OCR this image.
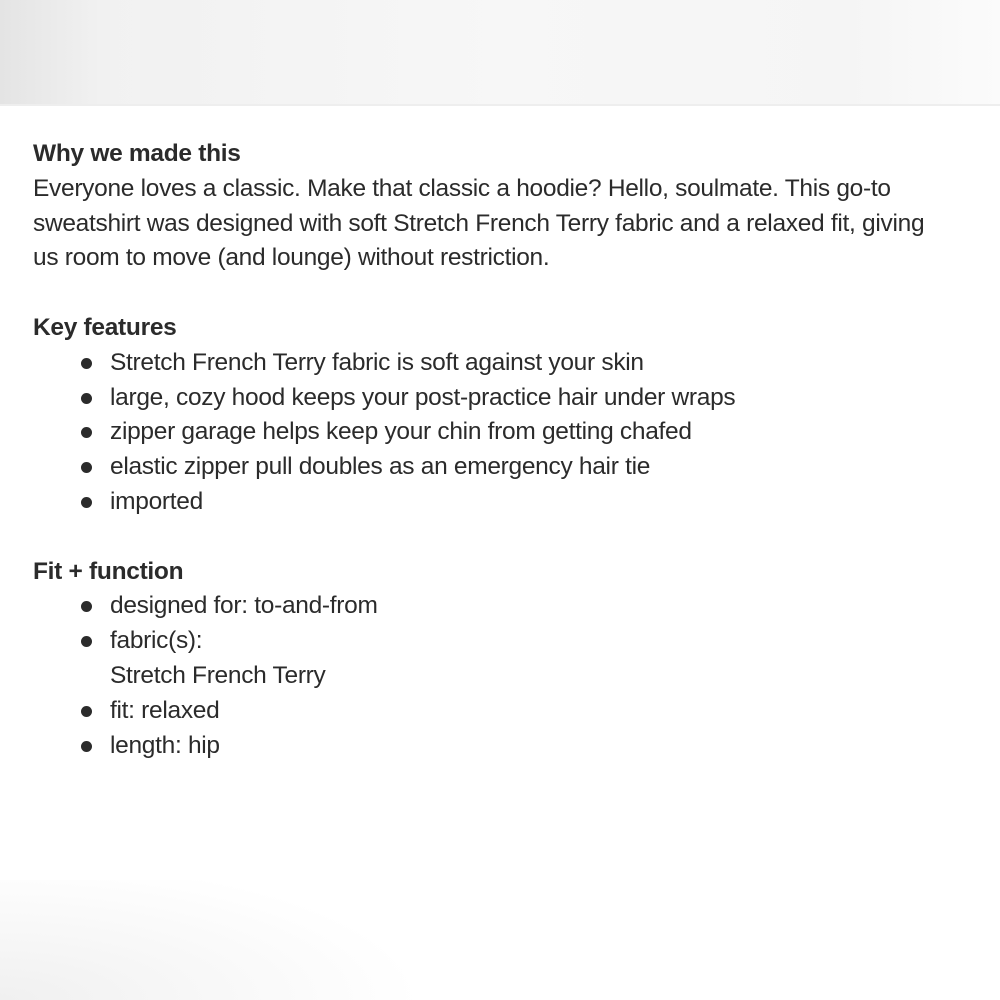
Why we made this

Everyone loves a classic. Make that classic a hoodie? Hello, soulmate. This go-to
sweatshirt was designed with soft Stretch French Terry fabric and a relaxed fit, giving
us room to move (and lounge) without restriction.

Key features
Stretch French Terry fabric is soft against your skin
large, cozy hood keeps your post-practice hair under wraps
zipper garage helps keep your chin from getting chafed
elastic zipper pull doubles as an emergency hair tie
imported
Fit + function
designed for: to-and-from
fabric(s):
Stretch French Terry
fit: relaxed
length: hip
